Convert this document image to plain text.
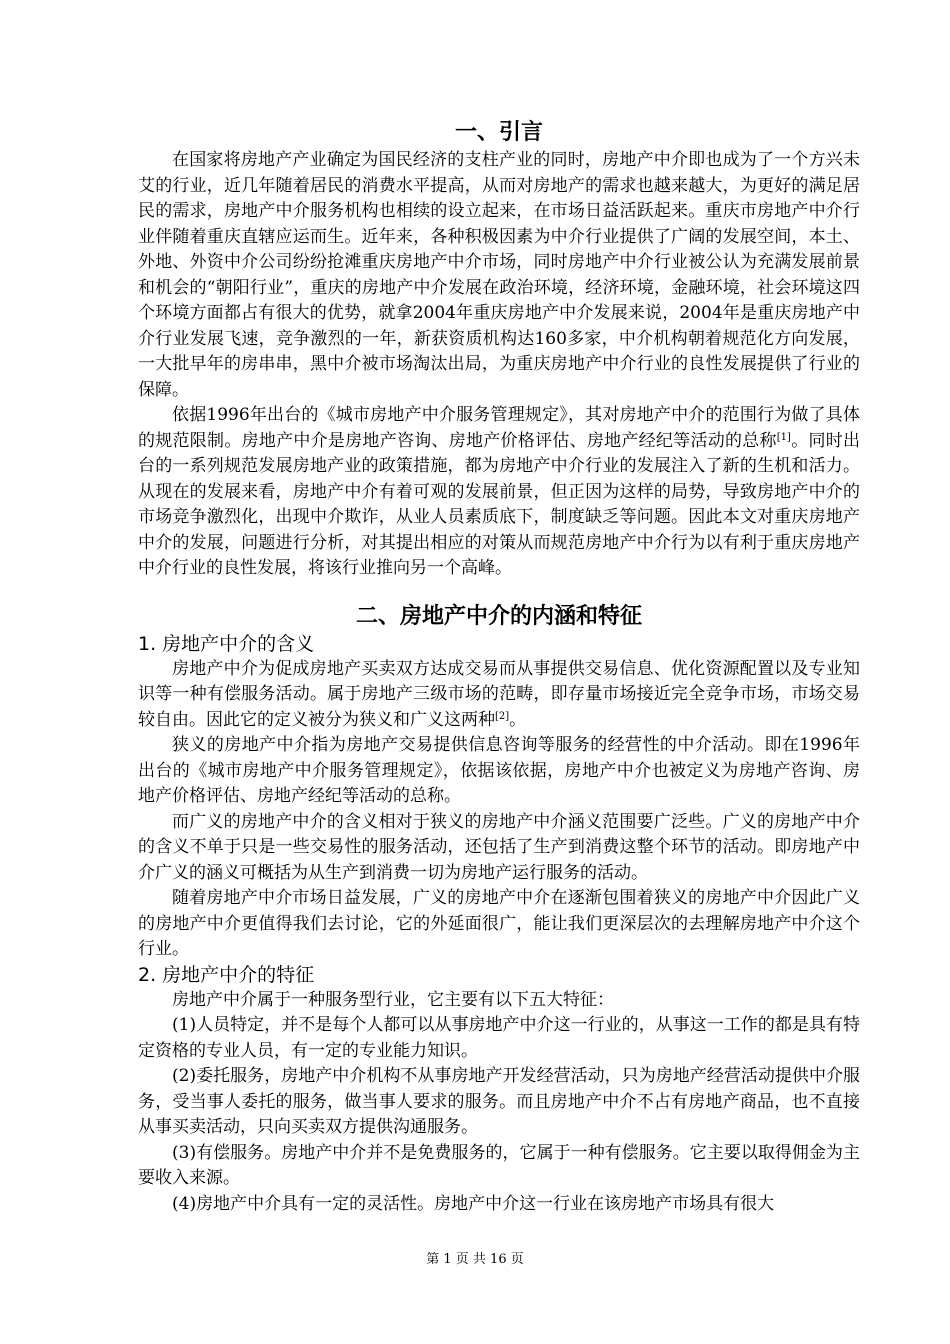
一、引言

在国家将房地产产业确定为国民经济的支柱产业的同时，房地产中介即也成为了一个方兴未艾的行业，近几年随着居民的消费水平提高，从而对房地产的需求也越来越大，为更好的满足居民的需求，房地产中介服务机构也相续的设立起来，在市场日益活跃起来。重庆市房地产中介行业伴随着重庆直辖应运而生。近年来，各种积极因素为中介行业提供了广阔的发展空间，本土、外地、外资中介公司纷纷抢滩重庆房地产中介市场，同时房地产中介行业被公认为充满发展前景和机会的“朝阳行业”，重庆的房地产中介发展在政治环境，经济环境，金融环境，社会环境这四个环境方面都占有很大的优势，就拿2004年重庆房地产中介发展来说，2004年是重庆房地产中介行业发展飞速，竞争激烈的一年，新获资质机构达160多家，中介机构朝着规范化方向发展，一大批早年的房串串，黑中介被市场淘汰出局，为重庆房地产中介行业的良性发展提供了行业的保障。

依据1996年出台的《城市房地产中介服务管理规定》，其对房地产中介的范围行为做了具体的规范限制。房地产中介是房地产咨询、房地产价格评估、房地产经纪等活动的总称[1]。同时出台的一系列规范发展房地产业的政策措施，都为房地产中介行业的发展注入了新的生机和活力。从现在的发展来看，房地产中介有着可观的发展前景，但正因为这样的局势，导致房地产中介的市场竞争激烈化，出现中介欺诈，从业人员素质底下，制度缺乏等问题。因此本文对重庆房地产中介的发展，问题进行分析，对其提出相应的对策从而规范房地产中介行为以有利于重庆房地产中介行业的良性发展，将该行业推向另一个高峰。

二、房地产中介的内涵和特征
1. 房地产中介的含义

房地产中介为促成房地产买卖双方达成交易而从事提供交易信息、优化资源配置以及专业知识等一种有偿服务活动。属于房地产三级市场的范畴，即存量市场接近完全竞争市场，市场交易较自由。因此它的定义被分为狭义和广义这两种[2]。

狭义的房地产中介指为房地产交易提供信息咨询等服务的经营性的中介活动。即在1996年出台的《城市房地产中介服务管理规定》，依据该依据，房地产中介也被定义为房地产咨询、房地产价格评估、房地产经纪等活动的总称。

而广义的房地产中介的含义相对于狭义的房地产中介涵义范围要广泛些。广义的房地产中介的含义不单于只是一些交易性的服务活动，还包括了生产到消费这整个环节的活动。即房地产中介广义的涵义可概括为从生产到消费一切为房地产运行服务的活动。

随着房地产中介市场日益发展，广义的房地产中介在逐渐包围着狭义的房地产中介因此广义的房地产中介更值得我们去讨论，它的外延面很广，能让我们更深层次的去理解房地产中介这个行业。

2. 房地产中介的特征

房地产中介属于一种服务型行业，它主要有以下五大特征：

(1)人员特定，并不是每个人都可以从事房地产中介这一行业的，从事这一工作的都是具有特定资格的专业人员，有一定的专业能力知识。

(2)委托服务，房地产中介机构不从事房地产开发经营活动，只为房地产经营活动提供中介服务，受当事人委托的服务，做当事人要求的服务。而且房地产中介不占有房地产商品，也不直接从事买卖活动，只向买卖双方提供沟通服务。

(3)有偿服务。房地产中介并不是免费服务的，它属于一种有偿服务。它主要以取得佣金为主要收入来源。

(4)房地产中介具有一定的灵活性。房地产中介这一行业在该房地产市场具有很大

第 1 页 共 16 页
